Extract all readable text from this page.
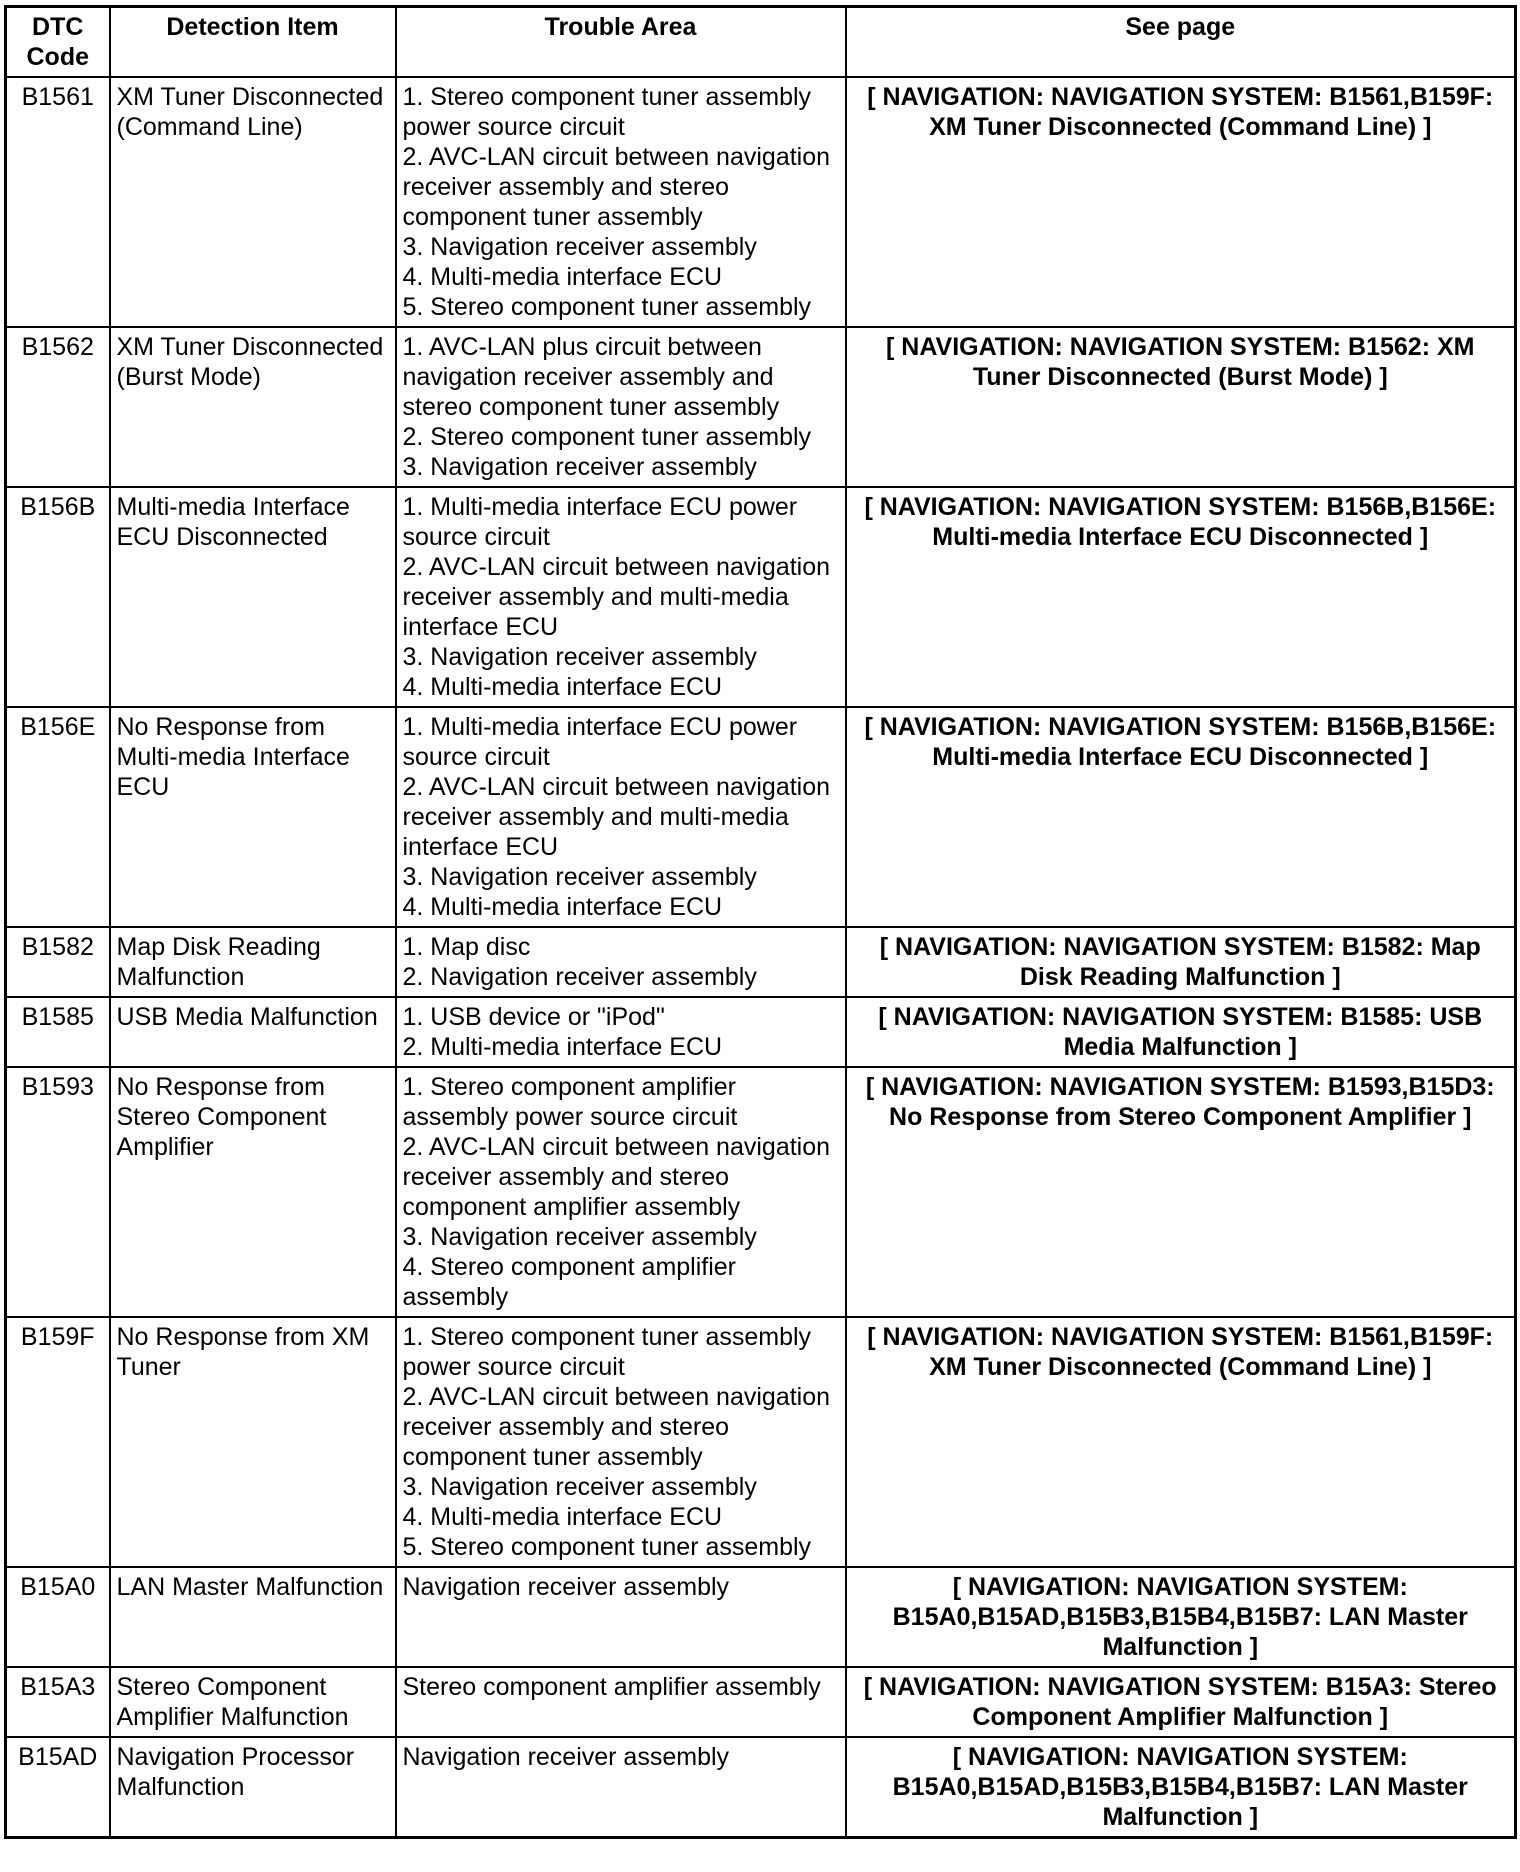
DTC
Code	Detection Item	Trouble Area	See page
B1561	XM Tuner Disconnected (Command Line)	1. Stereo component tuner assembly power source circuit
2. AVC-LAN circuit between navigation receiver assembly and stereo component tuner assembly
3. Navigation receiver assembly
4. Multi-media interface ECU
5. Stereo component tuner assembly	[ NAVIGATION: NAVIGATION SYSTEM: B1561,B159F: XM Tuner Disconnected (Command Line) ]
B1562	XM Tuner Disconnected (Burst Mode)	1. AVC-LAN plus circuit between navigation receiver assembly and stereo component tuner assembly
2. Stereo component tuner assembly
3. Navigation receiver assembly	[ NAVIGATION: NAVIGATION SYSTEM: B1562: XM Tuner Disconnected (Burst Mode) ]
B156B	Multi-media Interface ECU Disconnected	1. Multi-media interface ECU power source circuit
2. AVC-LAN circuit between navigation receiver assembly and multi-media interface ECU
3. Navigation receiver assembly
4. Multi-media interface ECU	[ NAVIGATION: NAVIGATION SYSTEM: B156B,B156E: Multi-media Interface ECU Disconnected ]
B156E	No Response from Multi-media Interface ECU	1. Multi-media interface ECU power source circuit
2. AVC-LAN circuit between navigation receiver assembly and multi-media interface ECU
3. Navigation receiver assembly
4. Multi-media interface ECU	[ NAVIGATION: NAVIGATION SYSTEM: B156B,B156E: Multi-media Interface ECU Disconnected ]
B1582	Map Disk Reading Malfunction	1. Map disc
2. Navigation receiver assembly	[ NAVIGATION: NAVIGATION SYSTEM: B1582: Map Disk Reading Malfunction ]
B1585	USB Media Malfunction	1. USB device or "iPod"
2. Multi-media interface ECU	[ NAVIGATION: NAVIGATION SYSTEM: B1585: USB Media Malfunction ]
B1593	No Response from Stereo Component Amplifier	1. Stereo component amplifier assembly power source circuit
2. AVC-LAN circuit between navigation receiver assembly and stereo component amplifier assembly
3. Navigation receiver assembly
4. Stereo component amplifier assembly	[ NAVIGATION: NAVIGATION SYSTEM: B1593,B15D3: No Response from Stereo Component Amplifier ]
B159F	No Response from XM Tuner	1. Stereo component tuner assembly power source circuit
2. AVC-LAN circuit between navigation receiver assembly and stereo component tuner assembly
3. Navigation receiver assembly
4. Multi-media interface ECU
5. Stereo component tuner assembly	[ NAVIGATION: NAVIGATION SYSTEM: B1561,B159F: XM Tuner Disconnected (Command Line) ]
B15A0	LAN Master Malfunction	Navigation receiver assembly	[ NAVIGATION: NAVIGATION SYSTEM: B15A0,B15AD,B15B3,B15B4,B15B7: LAN Master Malfunction ]
B15A3	Stereo Component Amplifier Malfunction	Stereo component amplifier assembly	[ NAVIGATION: NAVIGATION SYSTEM: B15A3: Stereo Component Amplifier Malfunction ]
B15AD	Navigation Processor Malfunction	Navigation receiver assembly	[ NAVIGATION: NAVIGATION SYSTEM: B15A0,B15AD,B15B3,B15B4,B15B7: LAN Master Malfunction ]
